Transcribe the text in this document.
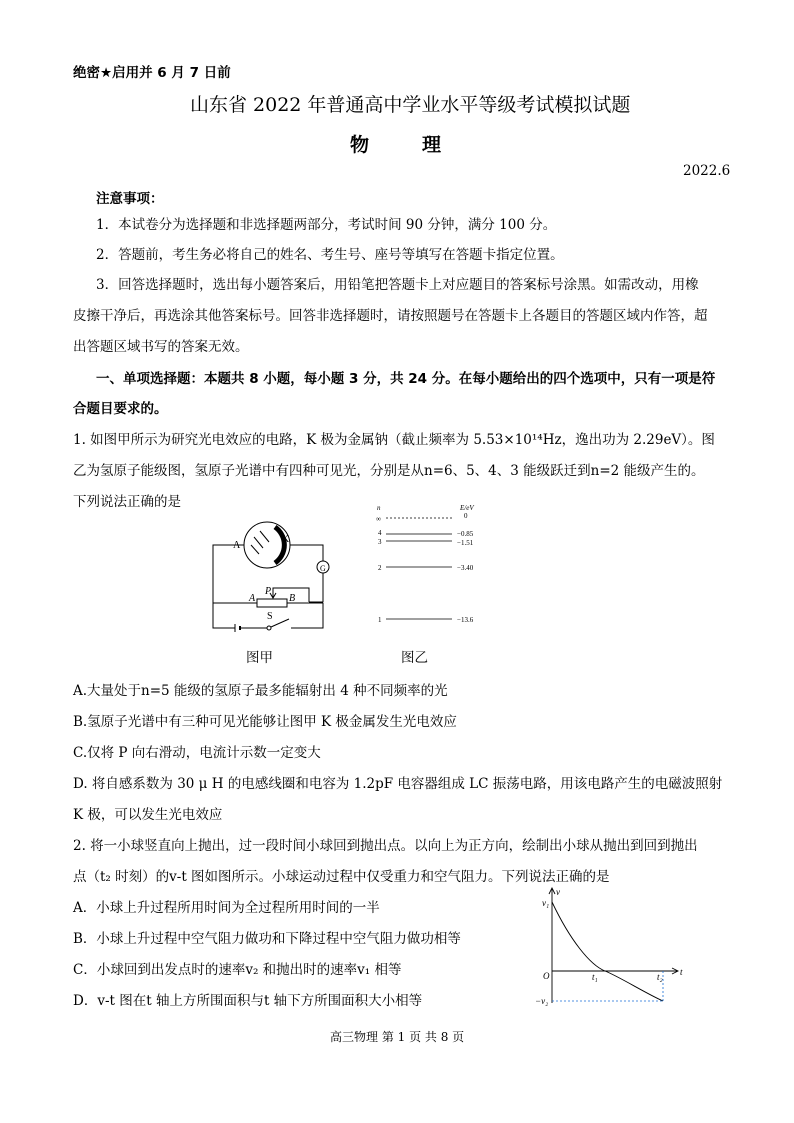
绝密★启用并 6 月 7 日前
山东省 2022 年普通高中学业水平等级考试模拟试题
物	理
2022.6
注意事项：
1．本试卷分为选择题和非选择题两部分，考试时间 90 分钟，满分 100 分。
2．答题前，考生务必将自己的姓名、考生号、座号等填写在答题卡指定位置。
3．回答选择题时，选出每小题答案后，用铅笔把答题卡上对应题目的答案标号涂黑。如需改动，用橡
皮擦干净后，再选涂其他答案标号。回答非选择题时，请按照题号在答题卡上各题目的答题区域内作答，超
出答题区域书写的答案无效。
一、单项选择题：本题共 8 小题，每小题 3 分，共 24 分。在每小题给出的四个选项中，只有一项是符
合题目要求的。
1. 如图甲所示为研究光电效应的电路，K 极为金属钠（截止频率为 5.53×10¹⁴Hz，逸出功为 2.29eV）。图
乙为氢原子能级图，氢原子光谱中有四种可见光，分别是从n=6、5、4、3 能级跃迁到n=2 能级产生的。
下列说法正确的是
A
K
G
P
A	B
S
图甲
n	E/eV
∞	0
4	−0.85
3	−1.51
2	−3.40
1	−13.6
图乙
A.大量处于n=5 能级的氢原子最多能辐射出 4 种不同频率的光
B.氢原子光谱中有三种可见光能够让图甲 K 极金属发生光电效应
C.仅将 P 向右滑动，电流计示数一定变大
D. 将自感系数为 30 μ H 的电感线圈和电容为 1.2pF 电容器组成 LC 振荡电路，用该电路产生的电磁波照射
K 极，可以发生光电效应
2. 将一小球竖直向上抛出，过一段时间小球回到抛出点。以向上为正方向，绘制出小球从抛出到回到抛出
点（t₂ 时刻）的v-t 图如图所示。小球运动过程中仅受重力和空气阻力。下列说法正确的是
A．小球上升过程所用时间为全过程所用时间的一半
B．小球上升过程中空气阻力做功和下降过程中空气阻力做功相等
C．小球回到出发点时的速率v₂ 和抛出时的速率v₁ 相等
D．v-t 图在t 轴上方所围面积与t 轴下方所围面积大小相等
v
t
O
v₁
t₁	t₂
−v₂
高三物理 第 1 页 共 8 页
